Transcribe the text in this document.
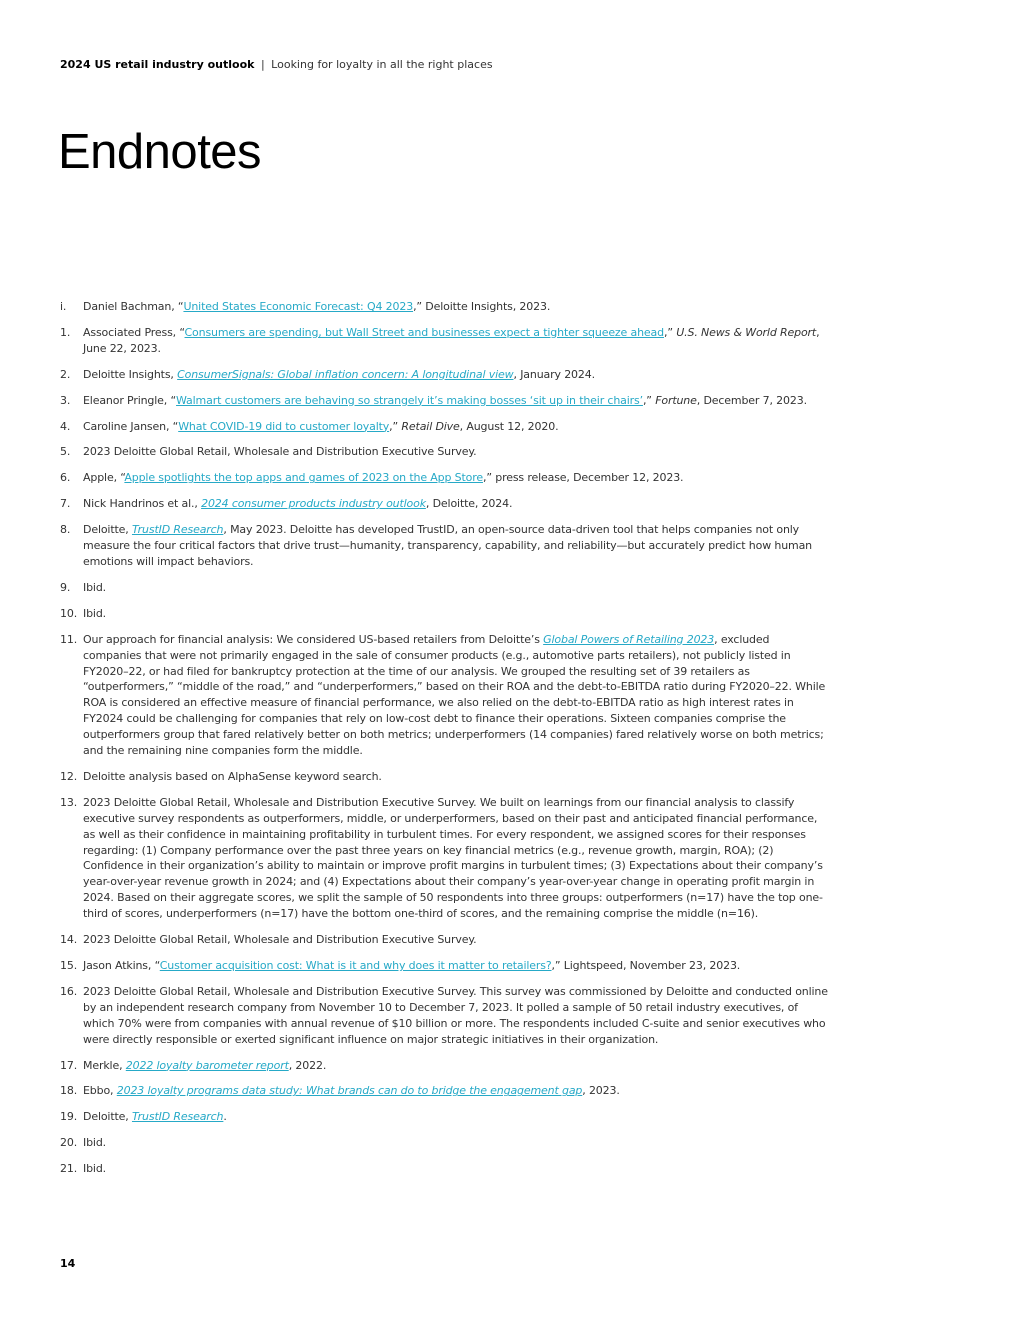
2024 US retail industry outlook | Looking for loyalty in all the right places
Endnotes
i.	Daniel Bachman, “United States Economic Forecast: Q4 2023,” Deloitte Insights, 2023.
1.	Associated Press, “Consumers are spending, but Wall Street and businesses expect a tighter squeeze ahead,” U.S. News & World Report, June 22, 2023.
2.	Deloitte Insights, ConsumerSignals: Global inflation concern: A longitudinal view, January 2024.
3.	Eleanor Pringle, “Walmart customers are behaving so strangely it’s making bosses ‘sit up in their chairs’,” Fortune, December 7, 2023.
4.	Caroline Jansen, “What COVID-19 did to customer loyalty,” Retail Dive, August 12, 2020.
5.	2023 Deloitte Global Retail, Wholesale and Distribution Executive Survey.
6.	Apple, “Apple spotlights the top apps and games of 2023 on the App Store,” press release, December 12, 2023.
7.	Nick Handrinos et al., 2024 consumer products industry outlook, Deloitte, 2024.
8.	Deloitte, TrustID Research, May 2023. Deloitte has developed TrustID, an open-source data-driven tool that helps companies not only measure the four critical factors that drive trust—humanity, transparency, capability, and reliability—but accurately predict how human emotions will impact behaviors.
9.	Ibid.
10. Ibid.
11. Our approach for financial analysis: We considered US-based retailers from Deloitte’s Global Powers of Retailing 2023, excluded companies that were not primarily engaged in the sale of consumer products (e.g., automotive parts retailers), not publicly listed in FY2020–22, or had filed for bankruptcy protection at the time of our analysis. We grouped the resulting set of 39 retailers as “outperformers,” “middle of the road,” and “underperformers,” based on their ROA and the debt-to-EBITDA ratio during FY2020–22. While ROA is considered an effective measure of financial performance, we also relied on the debt-to-EBITDA ratio as high interest rates in FY2024 could be challenging for companies that rely on low-cost debt to finance their operations. Sixteen companies comprise the outperformers group that fared relatively better on both metrics; underperformers (14 companies) fared relatively worse on both metrics; and the remaining nine companies form the middle.
12. Deloitte analysis based on AlphaSense keyword search.
13. 2023 Deloitte Global Retail, Wholesale and Distribution Executive Survey. We built on learnings from our financial analysis to classify executive survey respondents as outperformers, middle, or underperformers, based on their past and anticipated financial performance, as well as their confidence in maintaining profitability in turbulent times. For every respondent, we assigned scores for their responses regarding: (1) Company performance over the past three years on key financial metrics (e.g., revenue growth, margin, ROA); (2) Confidence in their organization’s ability to maintain or improve profit margins in turbulent times; (3) Expectations about their company’s year-over-year revenue growth in 2024; and (4) Expectations about their company’s year-over-year change in operating profit margin in 2024. Based on their aggregate scores, we split the sample of 50 respondents into three groups: outperformers (n=17) have the top one-third of scores, underperformers (n=17) have the bottom one-third of scores, and the remaining comprise the middle (n=16).
14. 2023 Deloitte Global Retail, Wholesale and Distribution Executive Survey.
15. Jason Atkins, “Customer acquisition cost: What is it and why does it matter to retailers?,” Lightspeed, November 23, 2023.
16. 2023 Deloitte Global Retail, Wholesale and Distribution Executive Survey. This survey was commissioned by Deloitte and conducted online by an independent research company from November 10 to December 7, 2023. It polled a sample of 50 retail industry executives, of which 70% were from companies with annual revenue of $10 billion or more. The respondents included C-suite and senior executives who were directly responsible or exerted significant influence on major strategic initiatives in their organization.
17. Merkle, 2022 loyalty barometer report, 2022.
18. Ebbo, 2023 loyalty programs data study: What brands can do to bridge the engagement gap, 2023.
19. Deloitte, TrustID Research.
20. Ibid.
21. Ibid.
14
